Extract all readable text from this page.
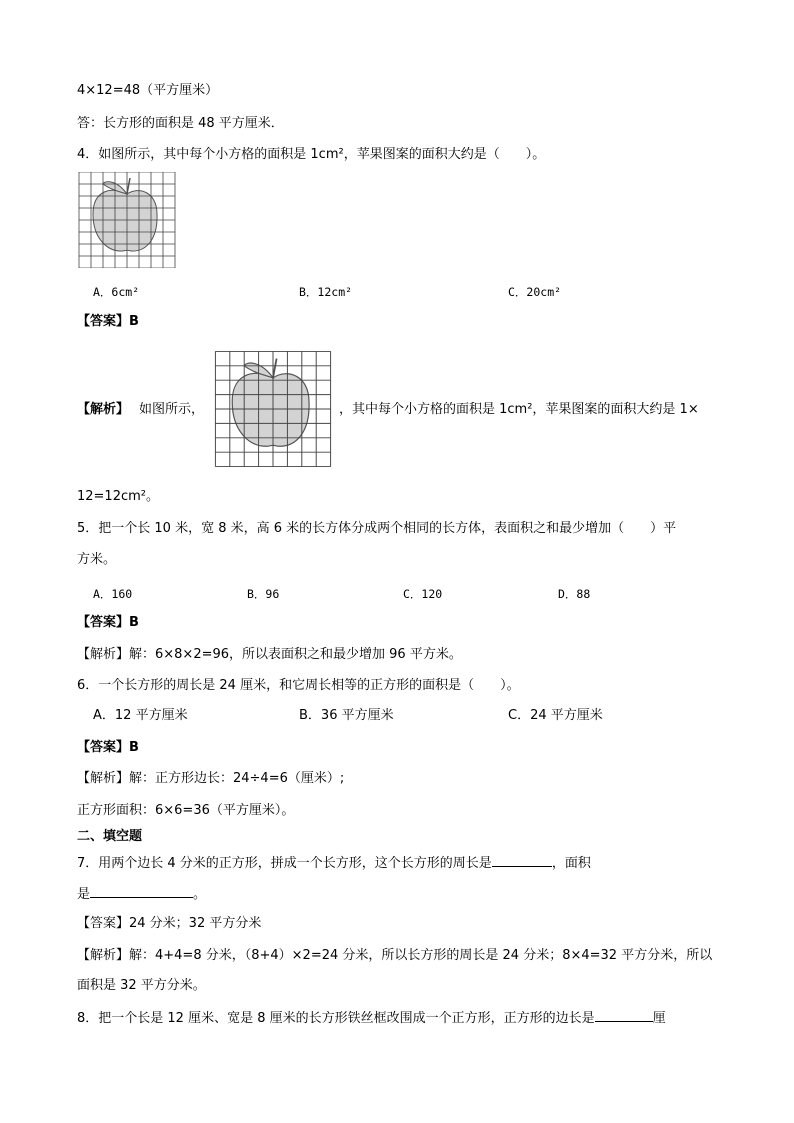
4×12=48（平方厘米）
答：长方形的面积是 48 平方厘米．
4．如图所示，其中每个小方格的面积是 1cm²，苹果图案的面积大约是（　　）。
A．6cm²	B．12cm²	C．20cm²
【答案】B
【解析】 如图所示，	，其中每个小方格的面积是 1cm²，苹果图案的面积大约是 1×
12=12cm²。
5．把一个长 10 米，宽 8 米，高 6 米的长方体分成两个相同的长方体，表面积之和最少增加（　　）平
方米。
A．160	B．96	C．120	D．88
【答案】B
【解析】解：6×8×2=96，所以表面积之和最少增加 96 平方米。
6．一个长方形的周长是 24 厘米，和它周长相等的正方形的面积是（　　）。
A．12 平方厘米	B．36 平方厘米	C．24 平方厘米
【答案】B
【解析】解：正方形边长：24÷4=6（厘米）;
正方形面积：6×6=36（平方厘米）。
二、填空题
7．用两个边长 4 分米的正方形，拼成一个长方形，这个长方形的周长是	，面积
是	。
【答案】24 分米；32 平方分米
【解析】解：4+4=8 分米，（8+4）×2=24 分米，所以长方形的周长是 24 分米；8×4=32 平方分米，所以
面积是 32 平方分米。
8．把一个长是 12 厘米、宽是 8 厘米的长方形铁丝框改围成一个正方形，正方形的边长是	厘
